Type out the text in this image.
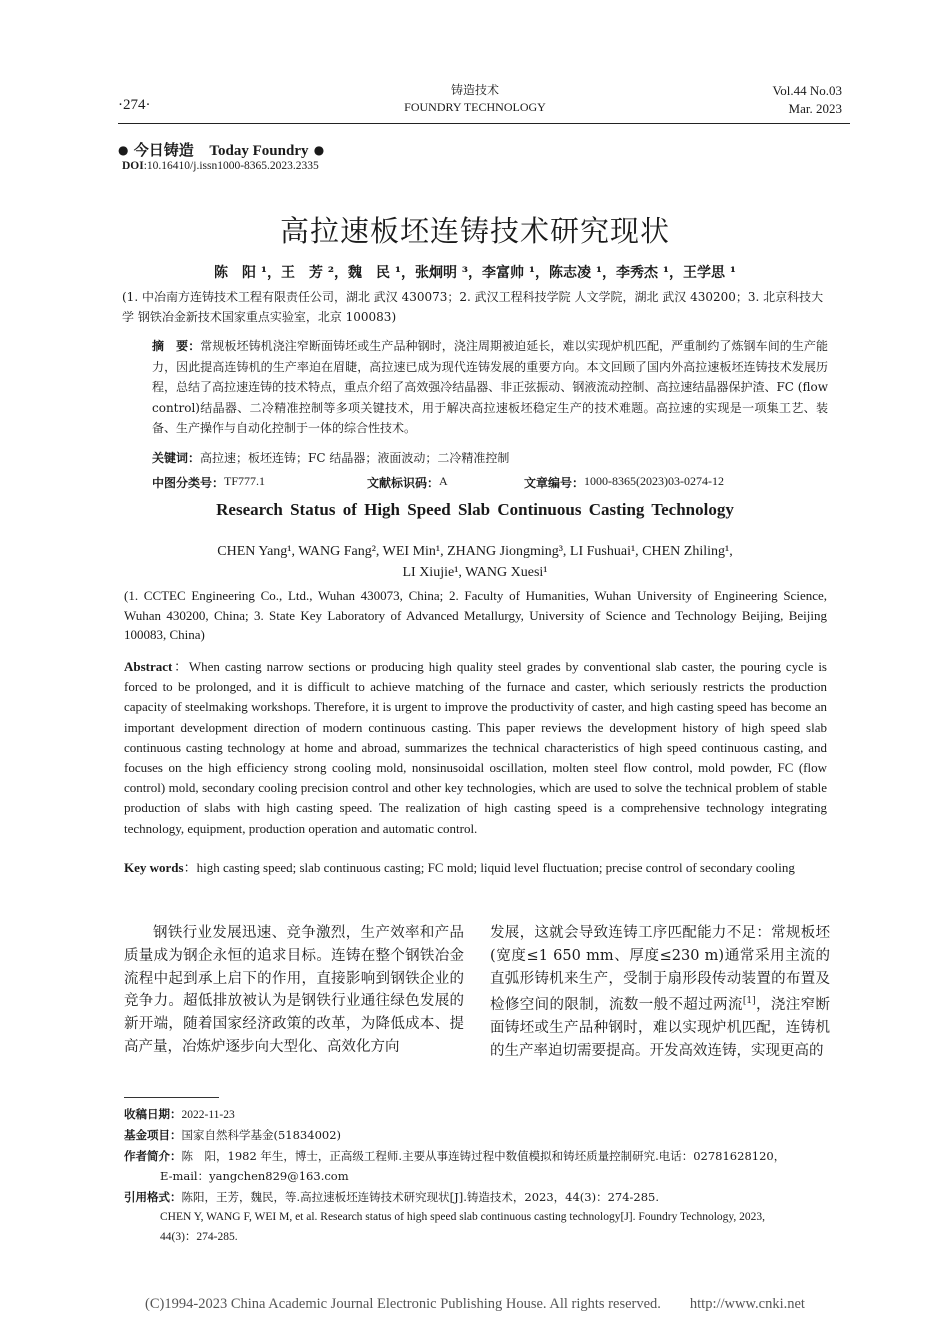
·274·
铸造技术
FOUNDRY TECHNOLOGY
Vol.44 No.03
Mar. 2023
● 今日铸造 Today Foundry ●
DOI:10.16410/j.issn1000-8365.2023.2335
高拉速板坯连铸技术研究现状
陈　阳 ¹，王　芳 ²，魏　民 ¹，张炯明 ³，李富帅 ¹，陈志凌 ¹，李秀杰 ¹，王学思 ¹
(1. 中冶南方连铸技术工程有限责任公司，湖北 武汉 430073；2. 武汉工程科技学院 人文学院，湖北 武汉 430200；3. 北京科技大学 钢铁冶金新技术国家重点实验室，北京 100083)
摘　要：常规板坯铸机浇注窄断面铸坯或生产品种钢时，浇注周期被迫延长，难以实现炉机匹配，严重制约了炼钢车间的生产能力，因此提高连铸机的生产率迫在眉睫，高拉速已成为现代连铸发展的重要方向。本文回顾了国内外高拉速板坯连铸技术发展历程，总结了高拉速连铸的技术特点，重点介绍了高效强冷结晶器、非正弦振动、钢液流动控制、高拉速结晶器保护渣、FC (flow control)结晶器、二冷精准控制等多项关键技术，用于解决高拉速板坯稳定生产的技术难题。高拉速的实现是一项集工艺、装备、生产操作与自动化控制于一体的综合性技术。
关键词：高拉速；板坯连铸；FC 结晶器；液面波动；二冷精准控制
中图分类号： TF777.1	文献标识码： A	文章编号： 1000-8365(2023)03-0274-12
Research Status of High Speed Slab Continuous Casting Technology
CHEN Yang¹, WANG Fang², WEI Min¹, ZHANG Jiongming³, LI Fushuai¹, CHEN Zhiling¹,
LI Xiujie¹, WANG Xuesi¹
(1. CCTEC Engineering Co., Ltd., Wuhan 430073, China; 2. Faculty of Humanities, Wuhan University of Engineering Science, Wuhan 430200, China; 3. State Key Laboratory of Advanced Metallurgy, University of Science and Technology Beijing, Beijing 100083, China)
Abstract：When casting narrow sections or producing high quality steel grades by conventional slab caster, the pouring cycle is forced to be prolonged, and it is difficult to achieve matching of the furnace and caster, which seriously restricts the production capacity of steelmaking workshops. Therefore, it is urgent to improve the productivity of caster, and high casting speed has become an important development direction of modern continuous casting. This paper reviews the development history of high speed slab continuous casting technology at home and abroad, summarizes the technical characteristics of high speed continuous casting, and focuses on the high efficiency strong cooling mold, nonsinusoidal oscillation, molten steel flow control, mold powder, FC (flow control) mold, secondary cooling precision control and other key technologies, which are used to solve the technical problem of stable production of slabs with high casting speed. The realization of high casting speed is a comprehensive technology integrating technology, equipment, production operation and automatic control.
Key words：high casting speed; slab continuous casting; FC mold; liquid level fluctuation; precise control of secondary cooling
钢铁行业发展迅速、竞争激烈，生产效率和产品质量成为钢企永恒的追求目标。连铸在整个钢铁冶金流程中起到承上启下的作用，直接影响到钢铁企业的竞争力。超低排放被认为是钢铁行业通往绿色发展的新开端，随着国家经济政策的改革，为降低成本、提高产量，冶炼炉逐步向大型化、高效化方向
发展，这就会导致连铸工序匹配能力不足：常规板坯(宽度≤1 650 mm、厚度≤230 m)通常采用主流的直弧形铸机来生产，受制于扇形段传动装置的布置及检修空间的限制，流数一般不超过两流[1]，浇注窄断面铸坯或生产品种钢时，难以实现炉机匹配，连铸机的生产率迫切需要提高。开发高效连铸，实现更高的
收稿日期：2022-11-23
基金项目：国家自然科学基金(51834002)
作者简介：陈　阳，1982 年生，博士，正高级工程师.主要从事连铸过程中数值模拟和铸坯质量控制研究.电话：02781628120，
E-mail：yangchen829@163.com
引用格式：陈阳，王芳，魏民，等.高拉速板坯连铸技术研究现状[J].铸造技术，2023，44(3)：274-285.
CHEN Y, WANG F, WEI M, et al. Research status of high speed slab continuous casting technology[J]. Foundry Technology, 2023,
44(3)：274-285.
(C)1994-2023 China Academic Journal Electronic Publishing House. All rights reserved.　　http://www.cnki.net
